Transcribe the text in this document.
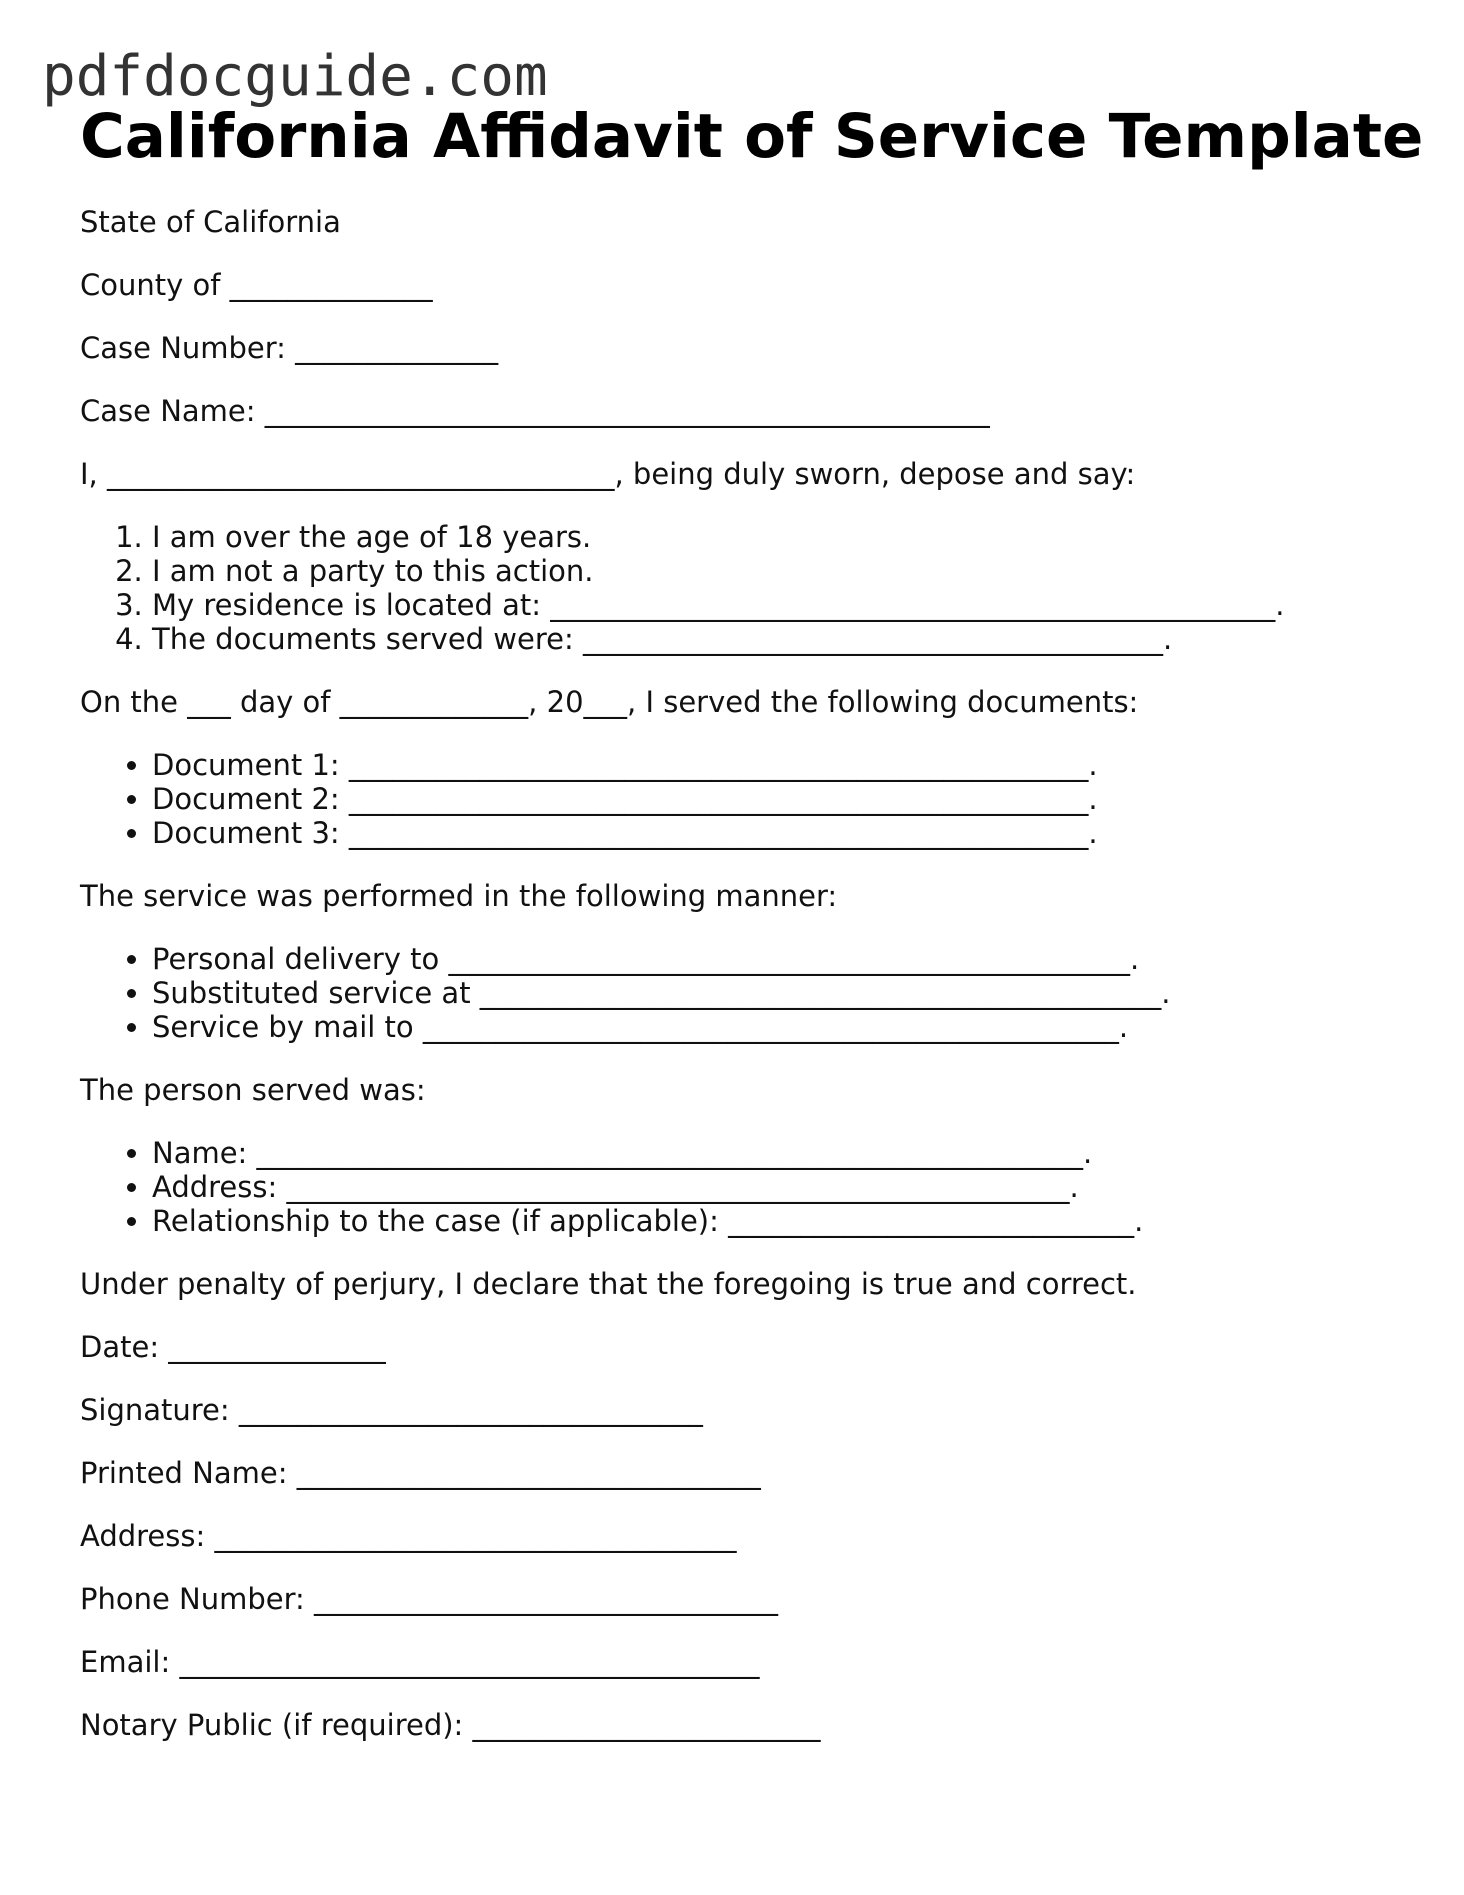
pdfdocguide.com
California Affidavit of Service Template

State of California

County of ______________

Case Number: ______________

Case Name: __________________________________________________

I, ___________________________________, being duly sworn, depose and say:

1. I am over the age of 18 years.
2. I am not a party to this action.
3. My residence is located at: __________________________________________________.
4. The documents served were: ________________________________________.

On the ___ day of _____________, 20___, I served the following documents:

• Document 1: ___________________________________________________.
• Document 2: ___________________________________________________.
• Document 3: ___________________________________________________.

The service was performed in the following manner:

• Personal delivery to _______________________________________________.
• Substituted service at _______________________________________________.
• Service by mail to ________________________________________________.

The person served was:

• Name: _________________________________________________________.
• Address: ______________________________________________________.
• Relationship to the case (if applicable): ____________________________.

Under penalty of perjury, I declare that the foregoing is true and correct.

Date: _______________

Signature: ________________________________

Printed Name: ________________________________

Address: ____________________________________

Phone Number: ________________________________

Email: ________________________________________

Notary Public (if required): ________________________
